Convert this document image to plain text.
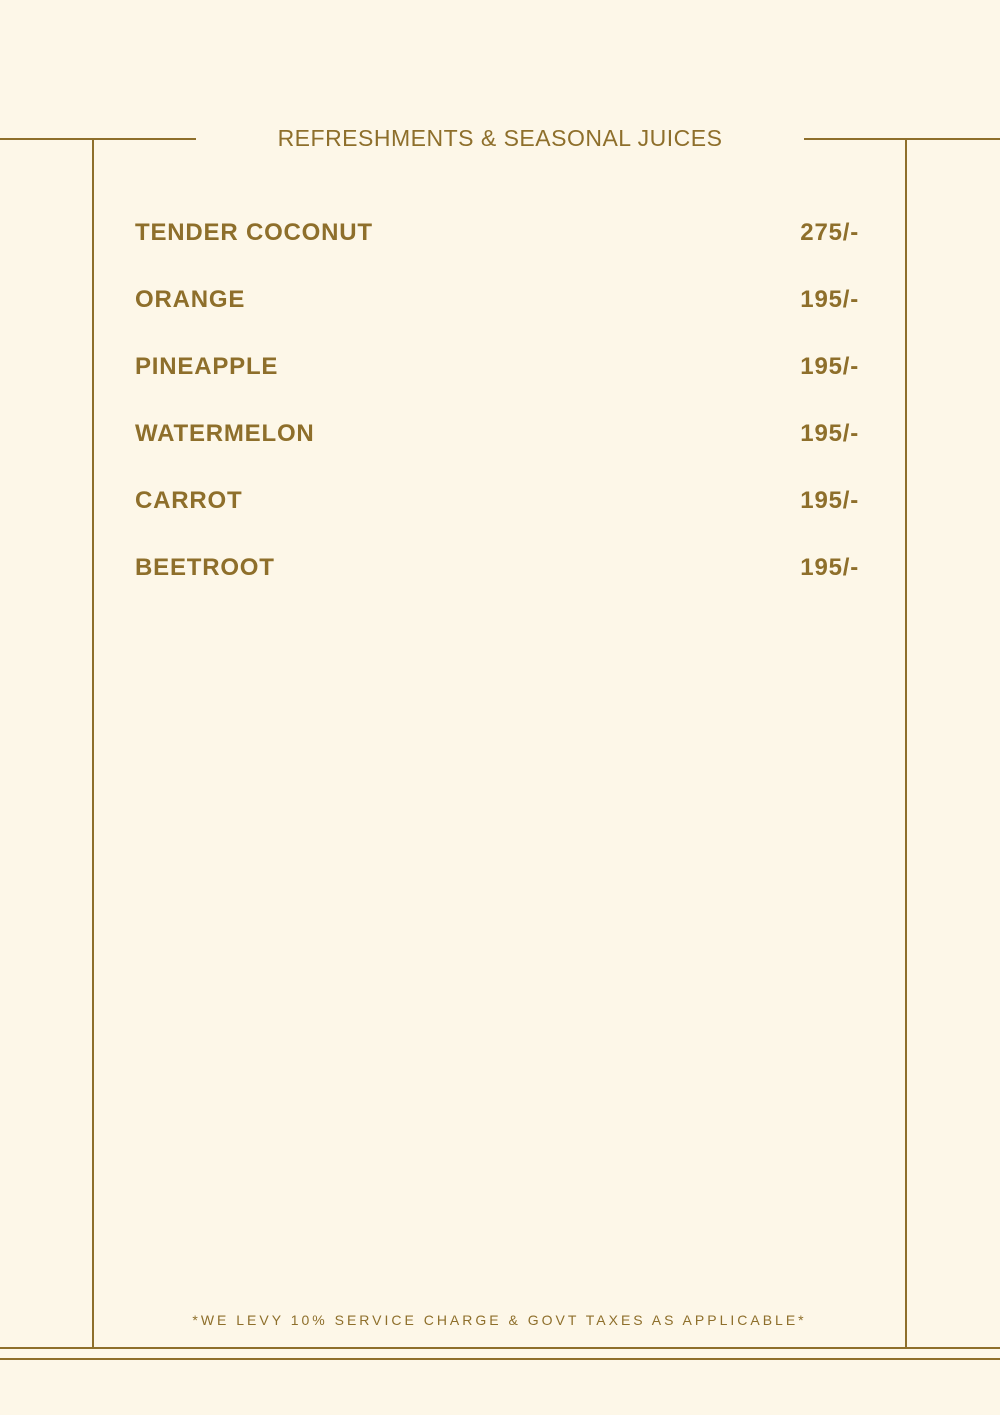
REFRESHMENTS & SEASONAL JUICES
TENDER COCONUT	275/-
ORANGE	195/-
PINEAPPLE	195/-
WATERMELON	195/-
CARROT	195/-
BEETROOT	195/-
*WE LEVY 10% SERVICE CHARGE & GOVT TAXES AS APPLICABLE*
